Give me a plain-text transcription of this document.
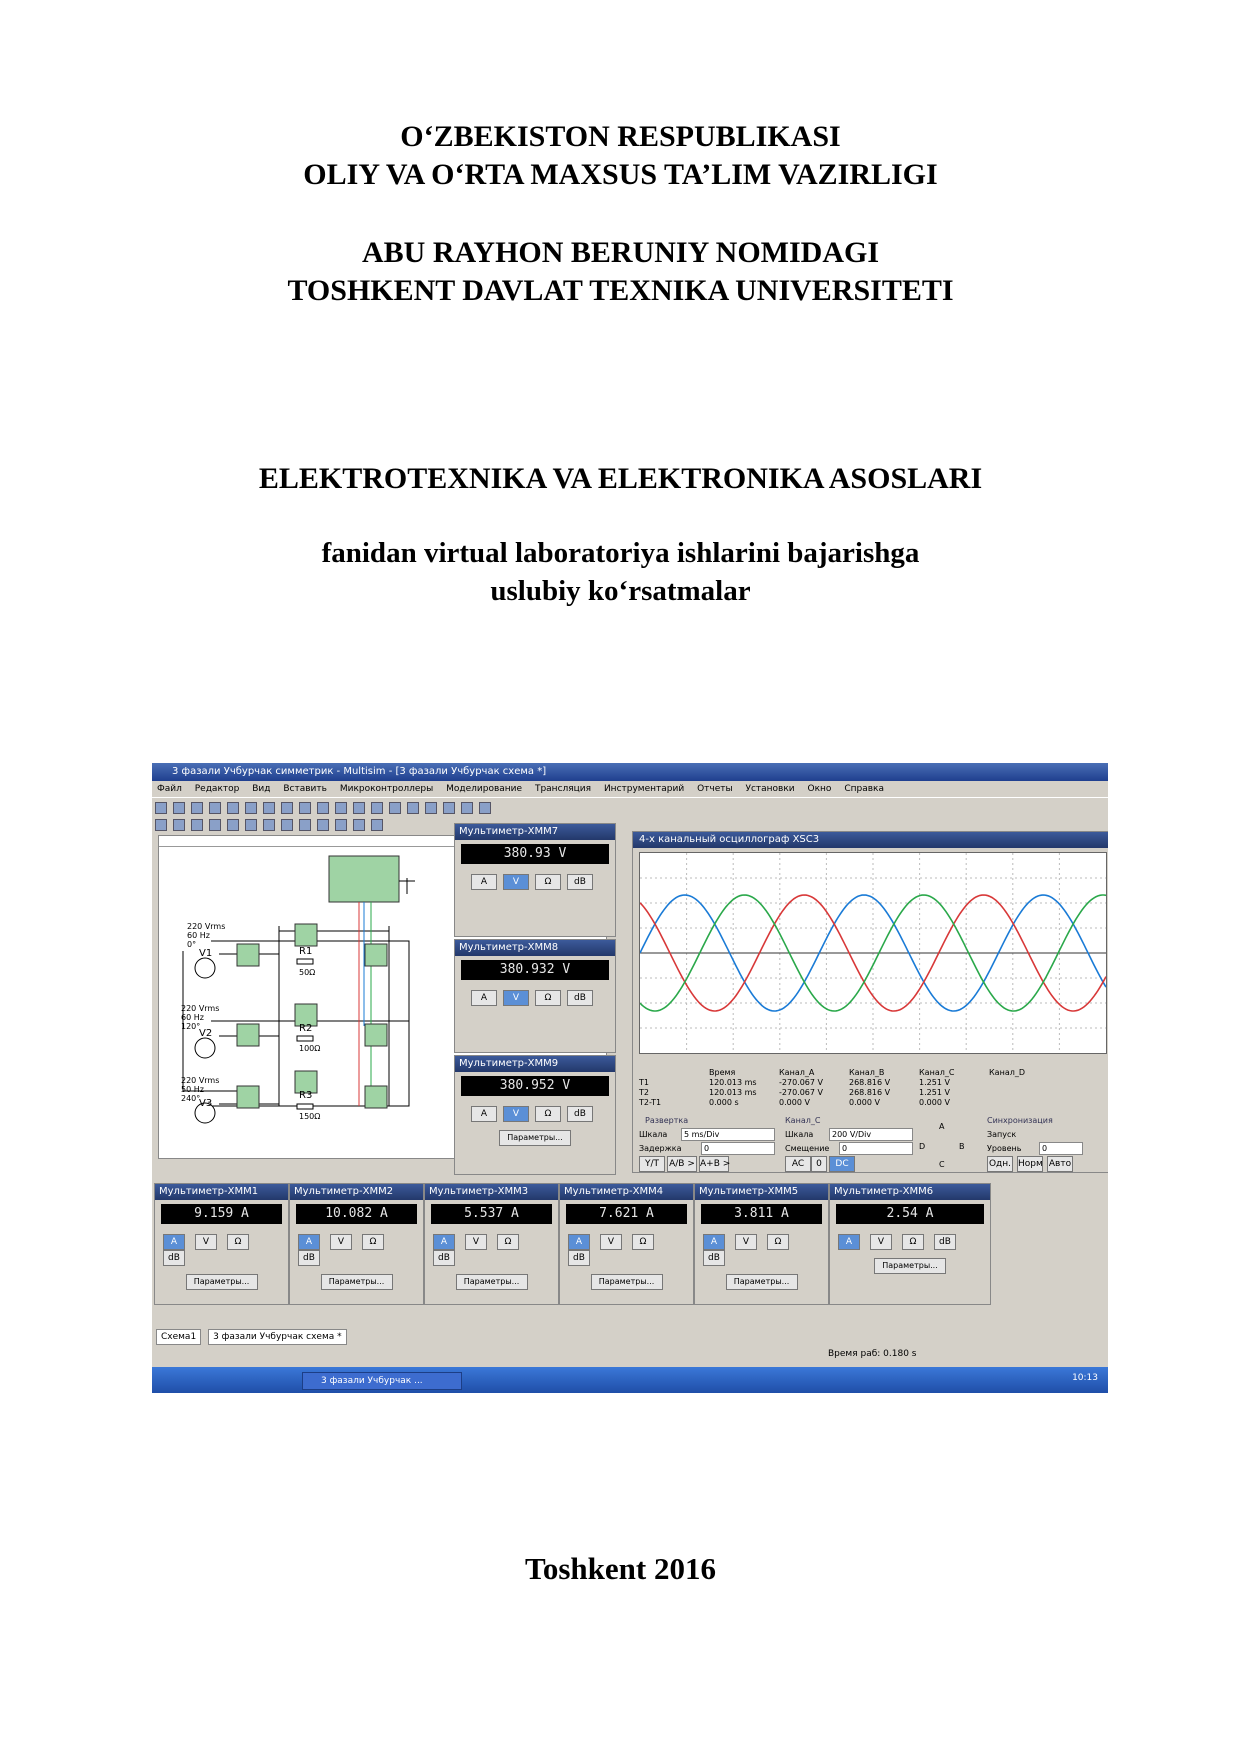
O‘ZBEKISTON RESPUBLIKASI
OLIY VA O‘RTA MAXSUS TA’LIM VAZIRLIGI
ABU RAYHON BERUNIY NOMIDAGI
TOSHKENT DAVLAT TEXNIKA UNIVERSITETI
ELEKTROTEXNIKA VA ELEKTRONIKA ASOSLARI
fanidan virtual laboratoriya ishlarini bajarishga
uslubiy ko‘rsatmalar
3 фазали Учбурчак симметрик - Multisim - [3 фазали Учбурчак схема *]
Файл Редактор Вид Вставить Микроконтроллеры Моделирование Трансляция Инструментарий Отчеты Установки Окно Справка
220 Vrms
60 Hz
0°
V1
220 Vrms
60 Hz
120°
V2
220 Vrms
50 Hz
240°
V3
R1
50Ω
R2
100Ω
R3
150Ω
Мультиметр-XMM7
380.93 V
A	V	Ω	dB
Мультиметр-XMM8
380.932 V
A	V	Ω	dB
Мультиметр-XMM9
380.952 V
A	V	Ω	dB
Параметры...
4-х канальный осциллограф XSC3
Время	Канал_A	Канал_B	Канал_C	Канал_D
T1	120.013 ms	-270.067 V	268.816 V	1.251 V
T2	120.013 ms	-270.067 V	268.816 V	1.251 V
T2-T1	0.000 s	0.000 V	0.000 V	0.000 V
Развертка
Шкала	5 ms/Div
Задержка	0
Канал_C
Шкала	200 V/Div
Смещение	0	D
A
B
C
Синхронизация
Запуск
Уровень	0
Y/T	A/B > A+B >	AC	0	DC	Одн. Норм Авто
Мультиметр-XMM1
9.159 A
A	V	ΩdB
Параметры...
Мультиметр-XMM2
10.082 A
A	V	ΩdB
Параметры...
Мультиметр-XMM3
5.537 A
A	V	ΩdB
Параметры...
Мультиметр-XMM4
7.621 A
A	V	ΩdB
Параметры...
Мультиметр-XMM5
3.811 A
A	V	ΩdB
Параметры...
Мультиметр-XMM6
2.54 A
A	V	Ω	dB
Параметры...
Схема1 3 фазали Учбурчак схема *
Время раб: 0.180 s
3 фазали Учбурчак ...	10:13
Toshkent 2016
